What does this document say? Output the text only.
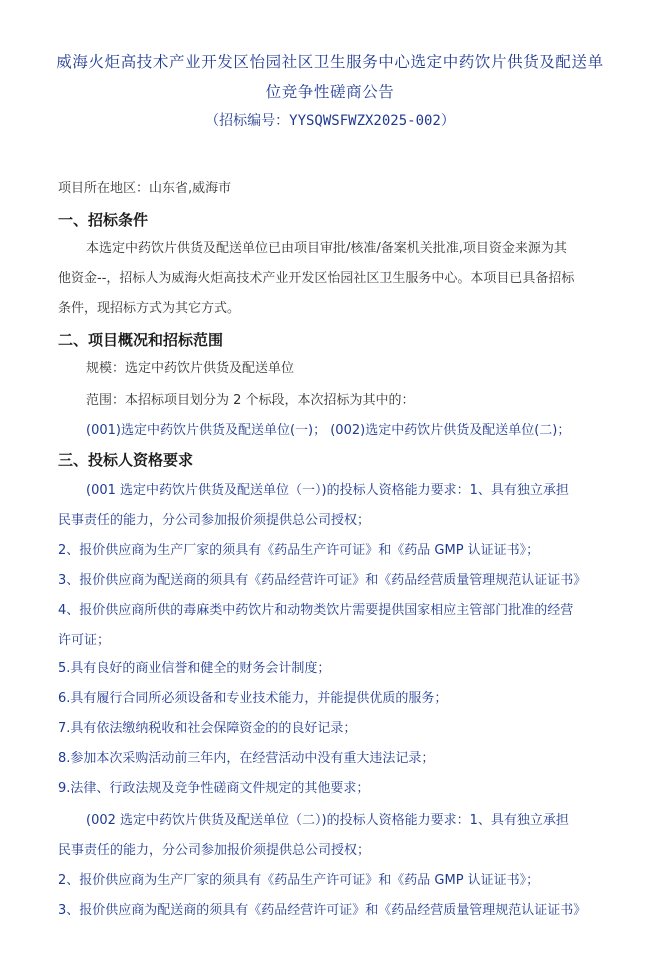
威海火炬高技术产业开发区怡园社区卫生服务中心选定中药饮片供货及配送单
位竞争性磋商公告
（招标编号：YYSQWSFWZX2025-002）
项目所在地区：山东省,威海市
一、招标条件
本选定中药饮片供货及配送单位已由项目审批/核准/备案机关批准,项目资金来源为其
他资金--，招标人为威海火炬高技术产业开发区怡园社区卫生服务中心。本项目已具备招标
条件，现招标方式为其它方式。
二、项目概况和招标范围
规模：选定中药饮片供货及配送单位
范围：本招标项目划分为 2 个标段，本次招标为其中的：
(001)选定中药饮片供货及配送单位(一)； (002)选定中药饮片供货及配送单位(二)；
三、投标人资格要求
(001 选定中药饮片供货及配送单位（一）)的投标人资格能力要求：1、具有独立承担
民事责任的能力，分公司参加报价须提供总公司授权；
2、报价供应商为生产厂家的须具有《药品生产许可证》和《药品 GMP 认证证书》；
3、报价供应商为配送商的须具有《药品经营许可证》和《药品经营质量管理规范认证证书》
4、报价供应商所供的毒麻类中药饮片和动物类饮片需要提供国家相应主管部门批准的经营
许可证；
5.具有良好的商业信誉和健全的财务会计制度；
6.具有履行合同所必须设备和专业技术能力，并能提供优质的服务；
7.具有依法缴纳税收和社会保障资金的的良好记录；
8.参加本次采购活动前三年内，在经营活动中没有重大违法记录；
9.法律、行政法规及竞争性磋商文件规定的其他要求；
(002 选定中药饮片供货及配送单位（二）)的投标人资格能力要求：1、具有独立承担
民事责任的能力，分公司参加报价须提供总公司授权；
2、报价供应商为生产厂家的须具有《药品生产许可证》和《药品 GMP 认证证书》；
3、报价供应商为配送商的须具有《药品经营许可证》和《药品经营质量管理规范认证证书》
